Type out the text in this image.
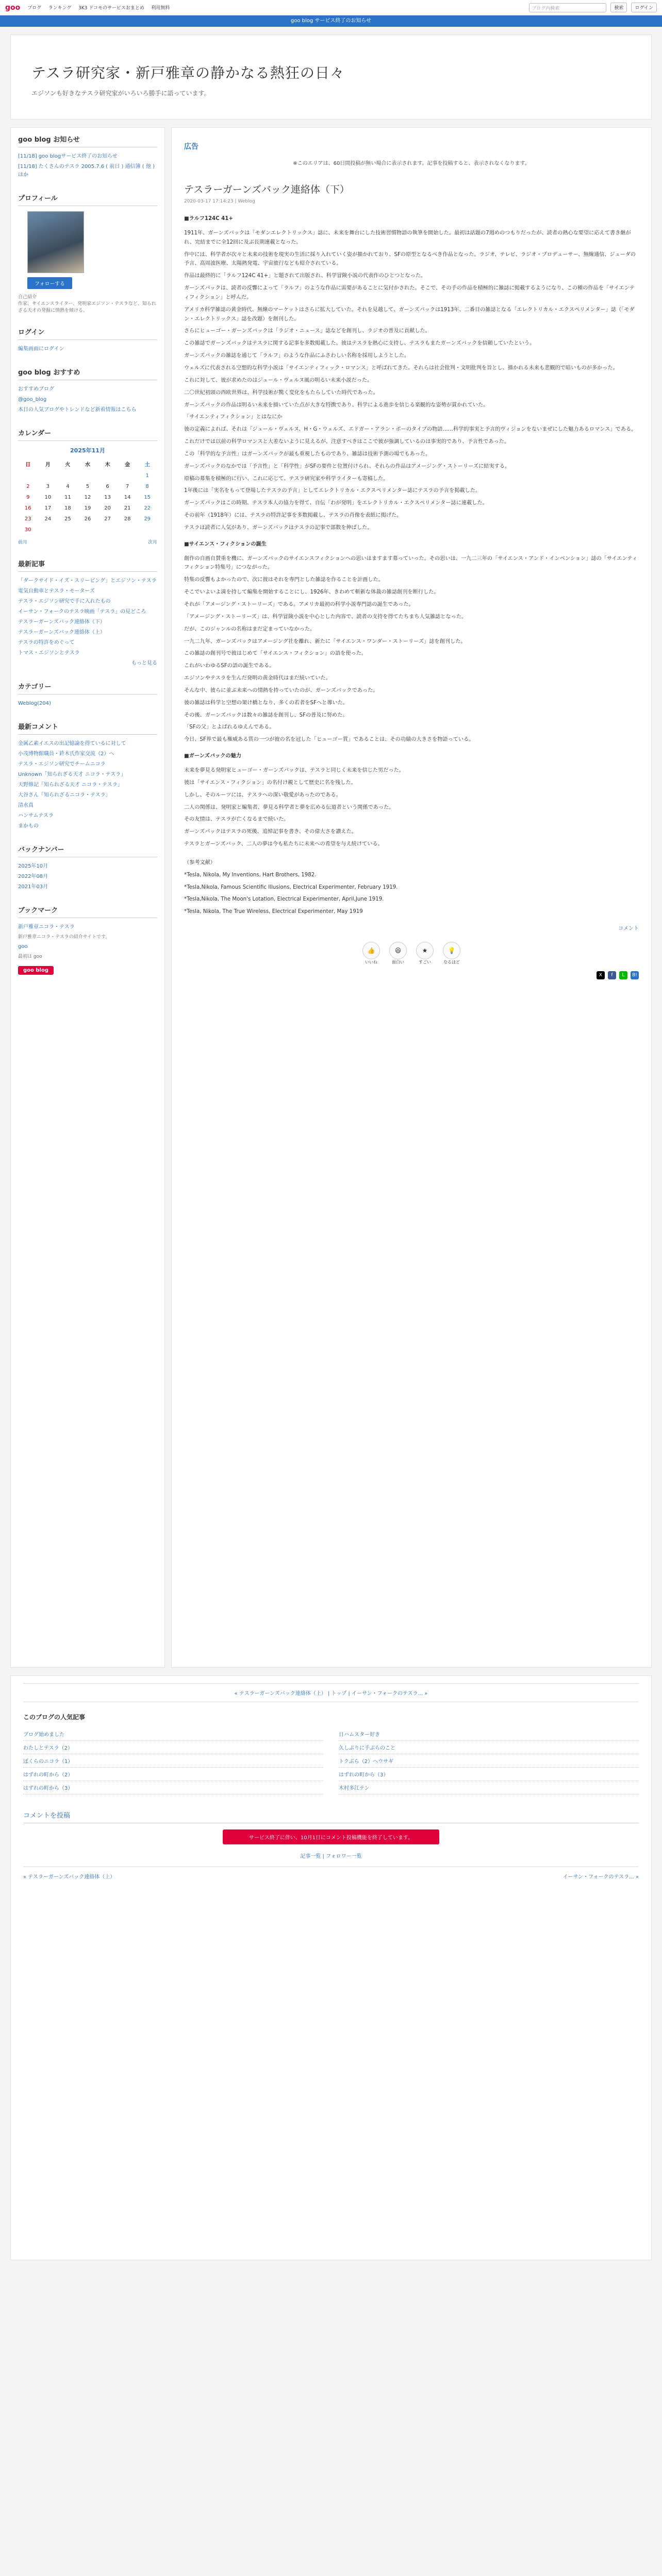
goo ブログ ランキング 3K3 ドコモのサービスおまとめ 利用無料	ブログ内検索	検索	ログイン
goo blog サービス終了のお知らせ
テスラ研究家・新戸雅章の静かなる熱狂の日々

エジソンも好きなテスラ研究家がいろいろ勝手に語っています。

goo blog お知らせ
[11/18] goo blogサービス終了のお知らせ
[11/18] たくさんのテスラ 2005.7.6 ( 前日 ) 通信簿 ( 他 ) ほか
プロフィール
フォローする

自己紹介

作家、サイエンスライター、発明家エジソン・テスラなど、知られざる天才の発掘に情熱を傾ける。

ログイン
編集画面にログイン
goo blog おすすめ
おすすめブログ
@goo_blog
本日の人気ブログやトレンドなど新着情報はこちら
カレンダー
2025年11月
日	月	火	水	木	金	土
						1
2	3	4	5	6	7	8
9	10	11	12	13	14	15
16	17	18	19	20	21	22
23	24	25	26	27	28	29
30						
前月	次月
最新記事
「ダークサイド・イズ・スリーピング」とエジソン・テスラ
電気自動車とテスラ・モーターズ
テスラ・エジソン研究で手に入れたもの
イーサン・フォークのテスラ映画「テスラ」の見どころ
テスラーガーンズバック連絡体（下）
テスラーガーンズバック連絡体（上）
テスラの特許をめぐって
トマス・エジソンとテスラ
もっと見る
カテゴリー
Weblog(204)
最新コメント
金属乙素イエスの出記憶論を得ているに対して
小茂博物館職員・鈴木氏作家交流（2）へ
テスラ・エジソン研究でチームニコラ
Unknown「知られざる天才 ニコラ・テスラ」
天野修記「知られざる天才 ニコラ・テスラ」
大谷さん「知られざるニコラ・テスラ」
清水真
ハンサムテスラ
まかもの
バックナンバー
2025年10月
2022年08月
2021年03月
ブックマーク
新戸雅章ニコラ・テスラ
新戸雅章ニコラ・テスラの紹介サイトです。
goo
最初は goo
goo blog
広告
※このエリアは、60日間投稿が無い場合に表示されます。記事を投稿すると、表示されなくなります。
テスラーガーンズバック連絡体（下）
2020-03-17 17:14:23 | Weblog

■ラルフ124C 41+

1911年、ガーンズバックは「モダンエレクトリックス」誌に、未来を舞台にした技術習慣物語の執筆を開始した。最初は話題の7週めのつもりだったが、読者の熱心な要望に応えて書き継がれ、完結までに全12回に及ぶ長期連載となった。

作中には、科学者が次々と未来の技術を現実の生活に採り入れていく姿が描かれており、SFの原型となるべき作品となった。ラジオ、テレビ、ラジオ・プロデューサー、無線通信、ジューダの予言、高周波医療、太陽熱発電、宇宙旅行なども紹介されている。

作品は最終的に「ラルフ124C 41+」と題されて出版され、科学冒険小説の代表作のひとつとなった。

ガーンズバックは、読者の反響によって「ラルフ」のような作品に需要があることに気付かされた。そこで、その手の作品を積極的に雑誌に掲載するようになり、この種の作品を「サイエンティフィクション」と呼んだ。

アメリカ科学雑誌の黄金時代、無線のマーケットはさらに拡大していた。それを見越して、ガーンズバックは1913年、二番目の雑誌となる「エレクトリカル・エクスペリメンター」誌（「モダン・エレクトリックス」誌を改題）を創刊した。

さらにヒューゴー・ガーンズバックは「ラジオ・ニュース」誌などを創刊し、ラジオの普及に貢献した。

この雑誌でガーンズバックはテスラに関する記事を多数掲載した。彼はテスラを熱心に支持し、テスラもまたガーンズバックを信頼していたという。

ガーンズバックの雑誌を通じて「ラルフ」のような作品にふさわしい名称を採用しようとした。

ウェルズに代表される空想的な科学小説は「サイエンティフィック・ロマンス」と呼ばれてきた。それらは社会批判・文明批判を旨とし、描かれる未来も悲観的で暗いものが多かった。

これに対して、彼が求めたのはジュール・ヴェルヌ風の明るい未来小説だった。

二〇世紀初頭の西欧世界は、科学技術が驚く変化をもたらしていた時代であった。

ガーンズバックの作品は明るい未来を描いていた点が大きな特徴であり、科学による進歩を信じる楽観的な姿勢が貫かれていた。

「サイエンティフィクション」とはなにか

彼の定義によれば、それは「ジュール・ヴェルヌ、H・G・ウェルズ、エドガー・アラン・ポーのタイプの物語……科学的事実と予言的ヴィジョンをないまぜにした魅力あるロマンス」である。

これだけでは以前の科学ロマンスと大差ないように見えるが、注意すべきはここで彼が強調しているのは事実的であり、予言性であった。

この「科学的な予言性」はガーンズバックが最も重視したものであり、雑誌は技術予測の場でもあった。

ガーンズバックのなかでは「予言性」と「科学性」がSFの要件と位置付けられ、それらの作品はアメージング・ストーリーズに結実する。

原稿の募集を積極的に行い、これに応じて、テスラ研究家や科学ライターも寄稿した。

1年後には「実名をもって登場したテスラの予言」としてエレクトリカル・エクスペリメンター誌にテスラの予言を掲載した。

ガーンズバックはこの時期、テスラ本人の協力を得て、自伝「わが発明」をエレクトリカル・エクスペリメンター誌に連載した。

その前年（1918年）には、テスラの特許記事を多数掲載し、テスラの肖像を表紙に掲げた。

テスラは読者に人気があり、ガーンズバックはテスラの記事で部数を伸ばした。

■サイエンス・フィクションの誕生

創作の自画自賛重を機に、ガーンズバックのサイエンスフィクションへの思いはますます募っていった。その思いは、一九二三年の「サイエンス・アンド・インベンション」誌の「サイエンティフィクション特集号」につながった。

特集の反響もよかったので、次に彼はそれを専門とした雑誌を作ることを計画した。

そこでいよいよ満を持して編集を開始することにし、1926年、きわめて斬新な体裁の雑誌創刊を断行した。

それが「アメージング・ストーリーズ」である。アメリカ最初の科学小説専門誌の誕生であった。

「アメージング・ストーリーズ」は、科学冒険小説を中心とした内容で、読者の支持を得てたちまち人気雑誌となった。

だが、このジャンルの名称はまだ定まっていなかった。

一九二九年、ガーンズバックはアメージング社を離れ、新たに「サイエンス・ワンダー・ストーリーズ」誌を創刊した。

この雑誌の創刊号で彼はじめて「サイエンス・フィクション」の語を使った。

これがいわゆるSFの語の誕生である。

エジソンやテスラを生んだ発明の黄金時代はまだ続いていた。

そんな中、彼らに並ぶ未来への情熱を持っていたのが、ガーンズバックであった。

彼の雑誌は科学と空想の架け橋となり、多くの若者をSFへと導いた。

その後、ガーンズバックは数々の雑誌を創刊し、SFの普及に努めた。

「SFの父」とよばれるゆえんである。

今日、SF界で最も権威ある賞の一つが彼の名を冠した「ヒューゴー賞」であることは、その功績の大きさを物語っている。

■ガーンズバックの魅力

未来を夢見る発明家ヒューゴー・ガーンズバックは、テスラと同じく未来を信じた男だった。

彼は「サイエンス・フィクション」の名付け親として歴史に名を残した。

しかし、そのルーツには、テスラへの深い敬愛があったのである。

二人の関係は、発明家と編集者、夢見る科学者と夢を広める伝道者という関係であった。

その友情は、テスラが亡くなるまで続いた。

ガーンズバックはテスラの死後、追悼記事を書き、その偉大さを讃えた。

テスラとガーンズバック、二人の夢は今も私たちに未来への希望を与え続けている。

（参考文献）

*Tesla, Nikola, My Inventions, Hart Brothers, 1982.

*Tesla,Nikola, Famous Scientific Illusions, Electrical Experimenter, February 1919.

*Tesla,Nikola, The Moon's Lotation, Electrical Experimenter, April,June 1919.

*Tesla, Nikola, The True Wireless, Electrical Experimenter, May 1919

コメント
👍
いいね
😆
面白い
★
すごい
💡
なるほど
X	f	L	B!
« テスラーガーンズバック連絡体（上） | トップ | イーサン・フォークのテスラ... »
このブログの人気記事
ブログ始めました
わたしとテスラ（2）
ぼくらのニコラ（1）
はずれの町から（2）
はずれの町から（3）
日ハムスター好き
久しぶりに手ぶらのこと
トクぶら（2）へウサギ
はずれの町から（3）
木村多江テン
コメントを投稿
サービス終了に伴い、10月1日にコメント投稿機能を終了しています。
記事一覧 | フォロワー一覧
« テスラーガーンズバック連絡体（上）	イーサン・フォークのテスラ... »
